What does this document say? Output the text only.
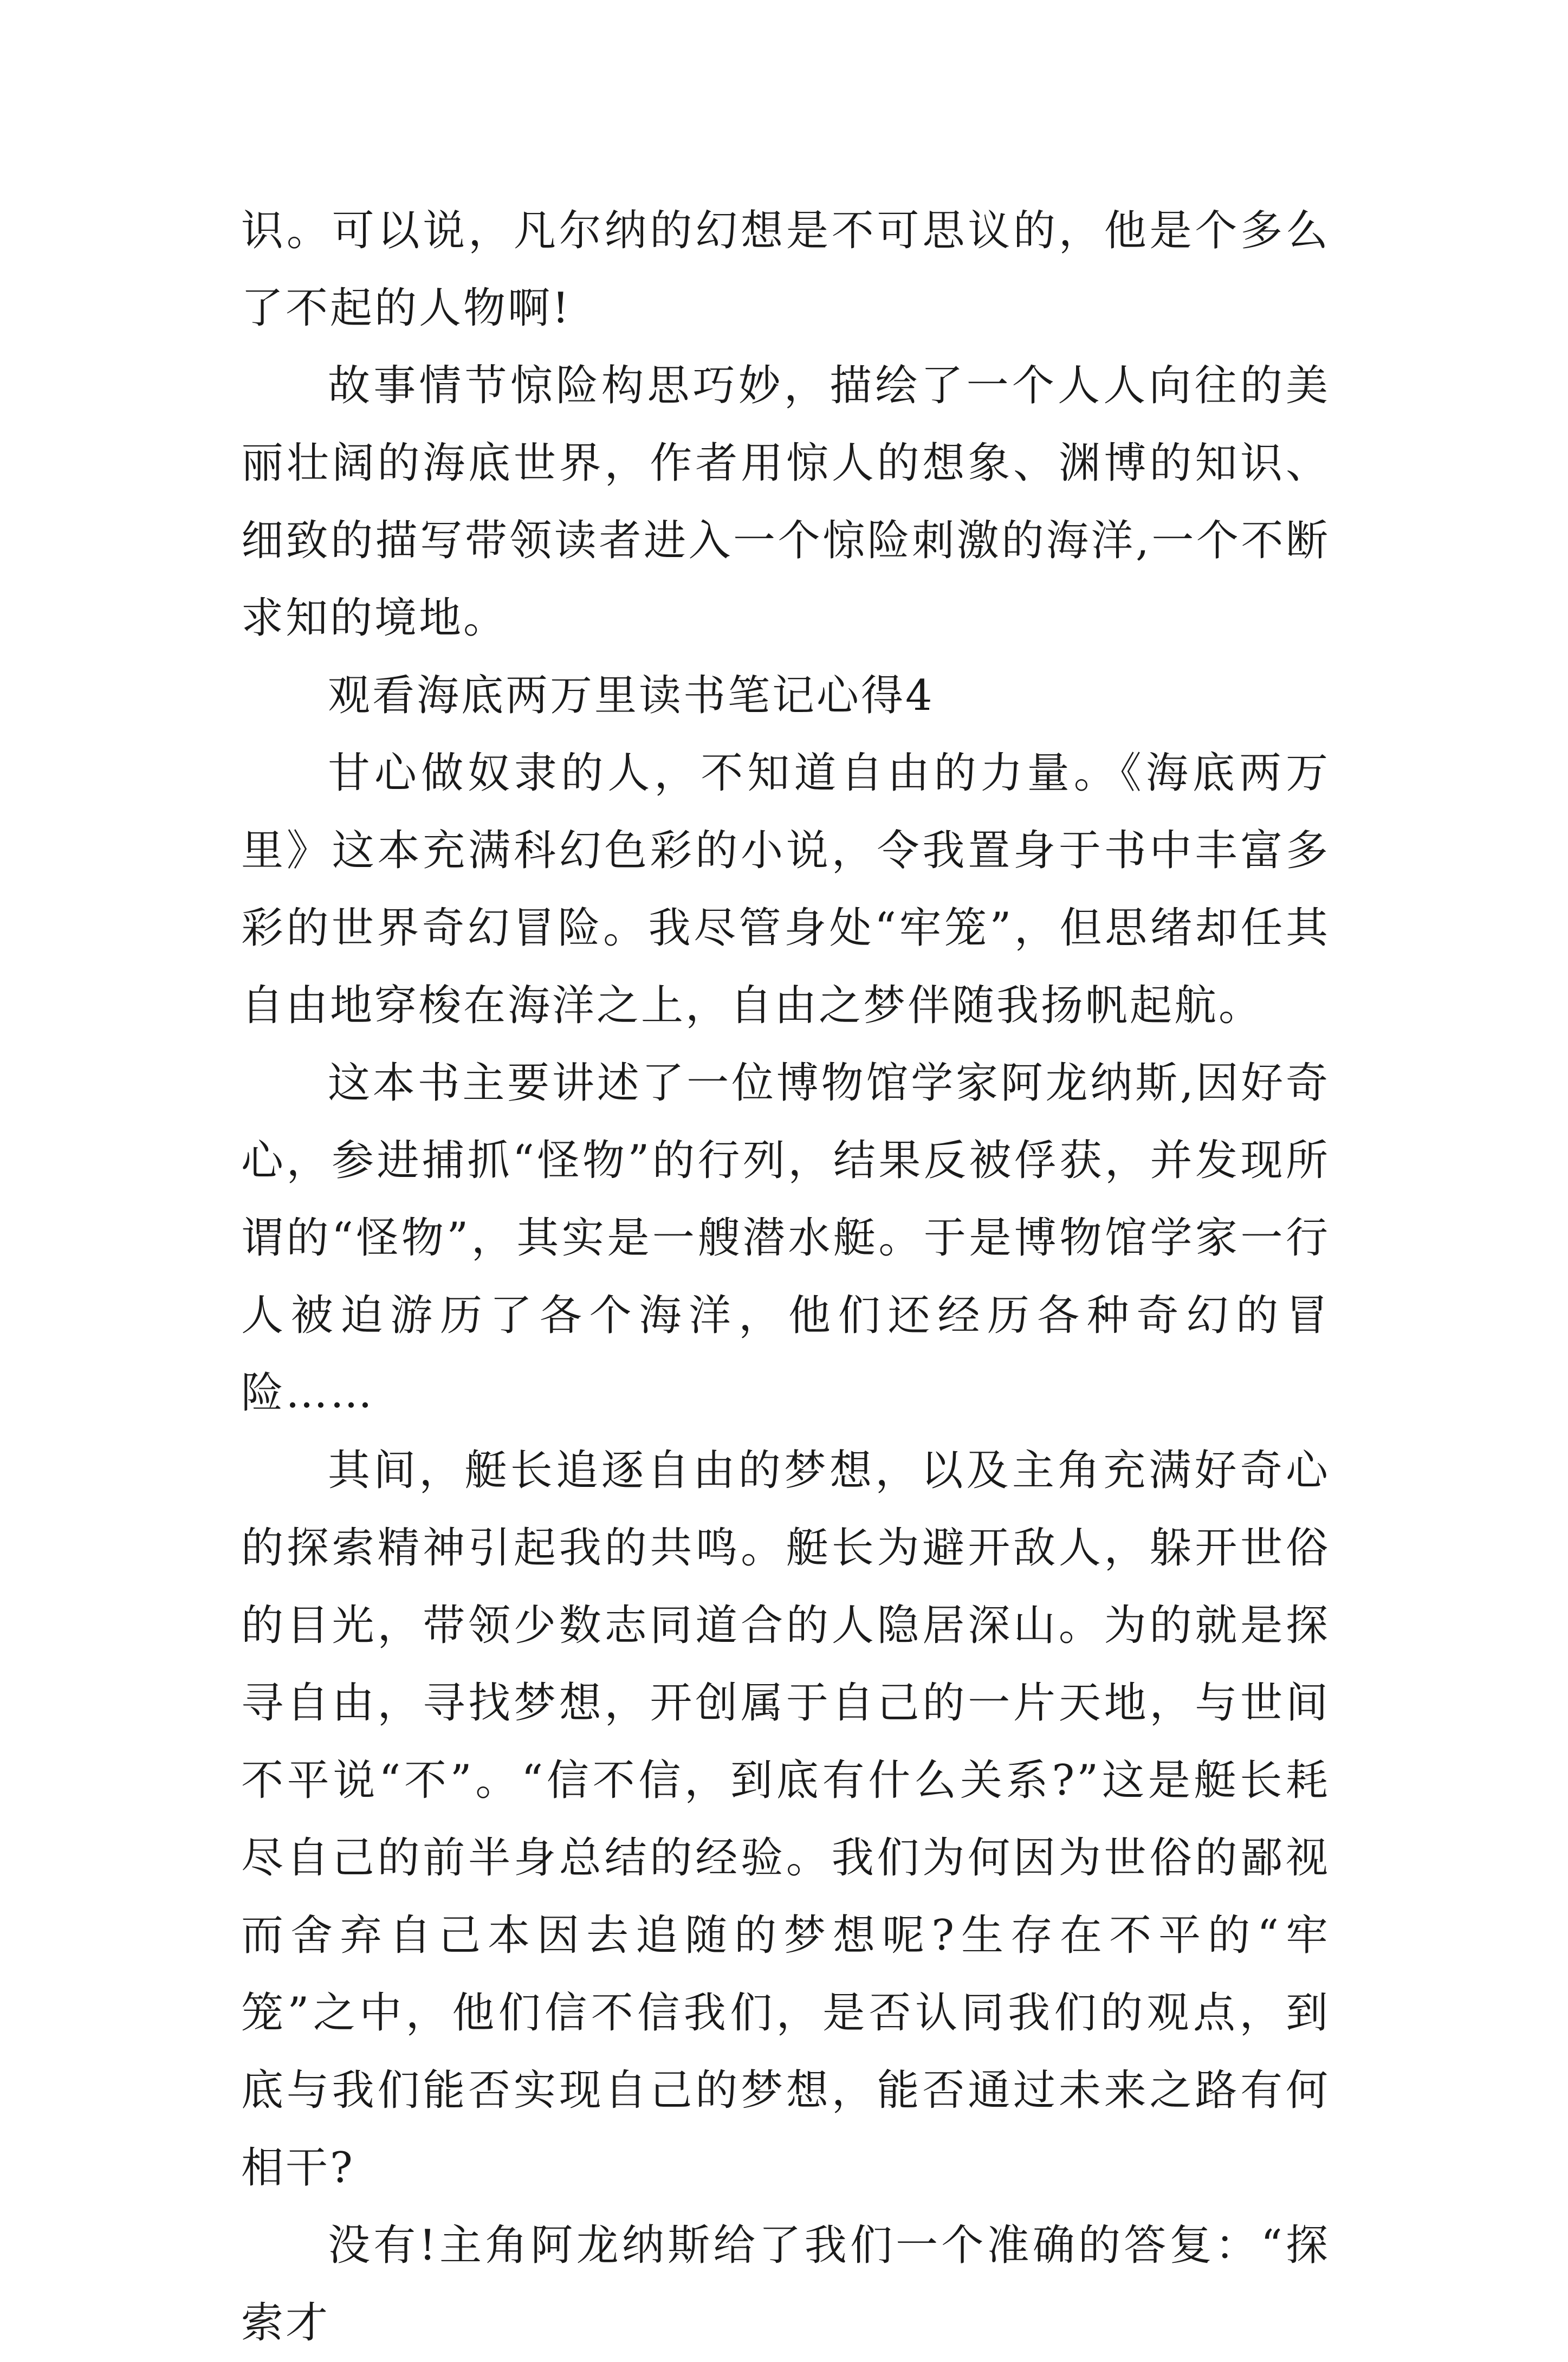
识。可以说，凡尔纳的幻想是不可思议的，他是个多么了不起的人物啊!

故事情节惊险构思巧妙，描绘了一个人人向往的美丽壮阔的海底世界，作者用惊人的想象、渊博的知识、细致的描写带领读者进入一个惊险刺激的海洋,一个不断求知的境地。

观看海底两万里读书笔记心得4

甘心做奴隶的人，不知道自由的力量。《海底两万里》这本充满科幻色彩的小说，令我置身于书中丰富多彩的世界奇幻冒险。我尽管身处“牢笼”，但思绪却任其自由地穿梭在海洋之上，自由之梦伴随我扬帆起航。

这本书主要讲述了一位博物馆学家阿龙纳斯,因好奇心，参进捕抓“怪物”的行列，结果反被俘获，并发现所谓的“怪物”，其实是一艘潜水艇。于是博物馆学家一行人被迫游历了各个海洋，他们还经历各种奇幻的冒险……

其间，艇长追逐自由的梦想，以及主角充满好奇心的探索精神引起我的共鸣。艇长为避开敌人，躲开世俗的目光，带领少数志同道合的人隐居深山。为的就是探寻自由，寻找梦想，开创属于自己的一片天地，与世间不平说“不”。“信不信，到底有什么关系?”这是艇长耗尽自己的前半身总结的经验。我们为何因为世俗的鄙视而舍弃自己本因去追随的梦想呢?生存在不平的“牢笼”之中，他们信不信我们，是否认同我们的观点，到底与我们能否实现自己的梦想，能否通过未来之路有何相干?

没有!主角阿龙纳斯给了我们一个准确的答复：“探索才
